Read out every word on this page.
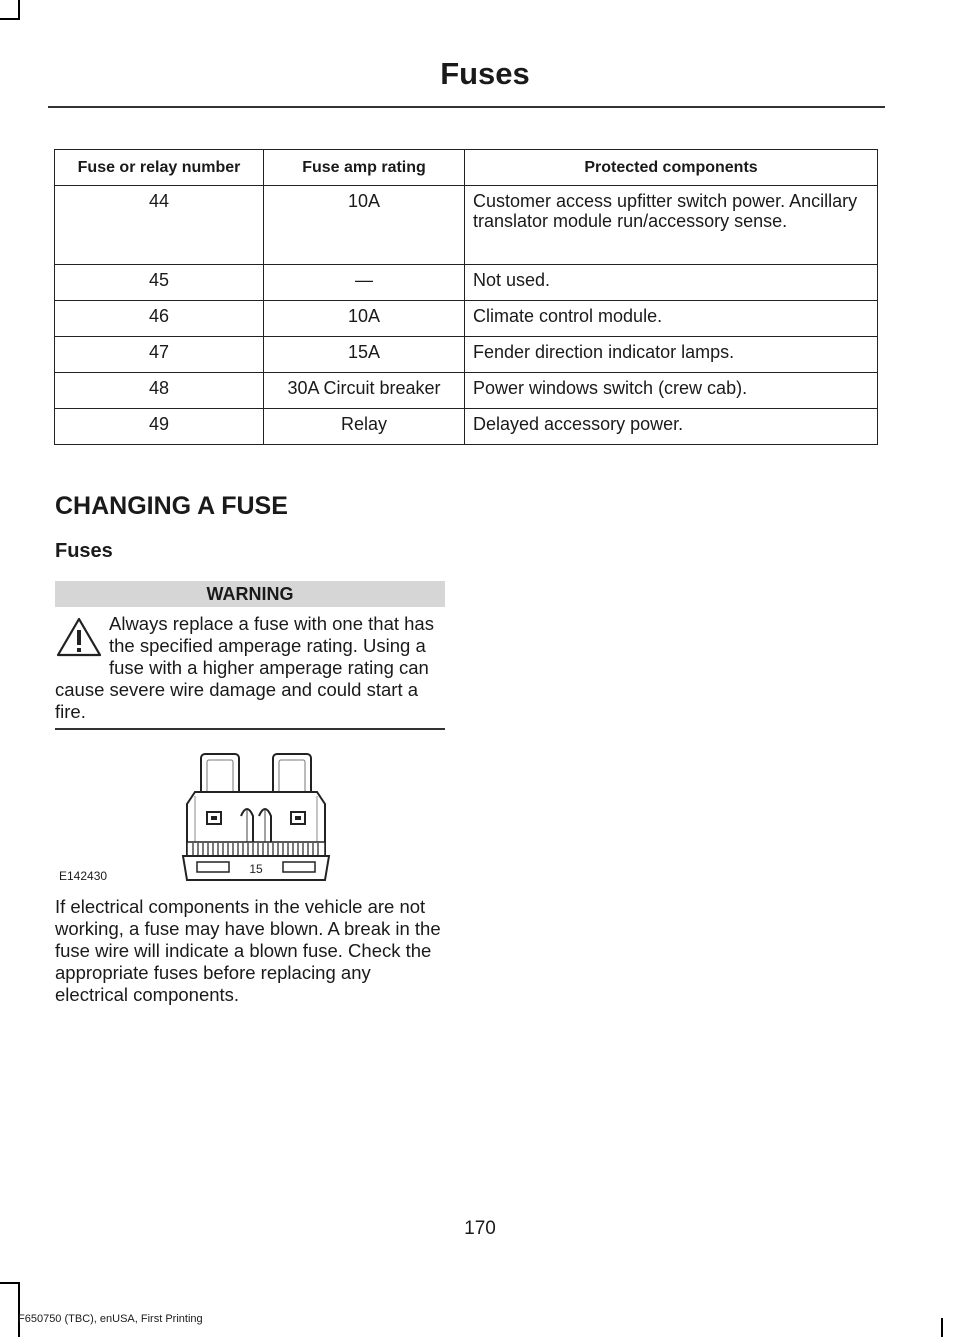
Fuses
Fuse or relay number	Fuse amp rating	Protected components
44	10A	Customer access upfitter switch power. Ancillary translator module run/accessory sense.
45	—	Not used.
46	10A	Climate control module.
47	15A	Fender direction indicator lamps.
48	30A Circuit breaker	Power windows switch (crew cab).
49	Relay	Delayed accessory power.
CHANGING A FUSE
Fuses
WARNING

Always replace a fuse with one that has the specified amperage rating. Using a fuse with a higher amperage rating can cause severe wire damage and could start a fire.

15
E142430

If electrical components in the vehicle are not working, a fuse may have blown. A break in the fuse wire will indicate a blown fuse. Check the appropriate fuses before replacing any electrical components.

170
F650750 (TBC), enUSA, First Printing
